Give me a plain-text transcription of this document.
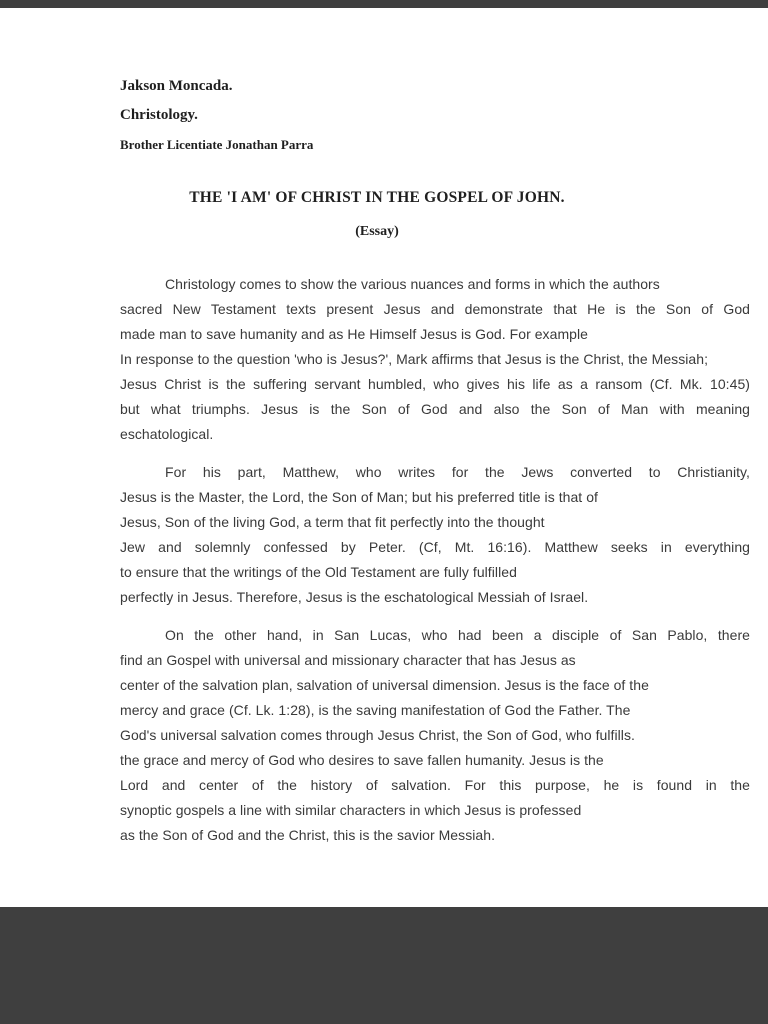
Jakson Moncada.
Christology.
Brother Licentiate Jonathan Parra
THE 'I AM' OF CHRIST IN THE GOSPEL OF JOHN.
(Essay)
Christology comes to show the various nuances and forms in which the authors
sacred New Testament texts present Jesus and demonstrate that He is the Son of God
made man to save humanity and as He Himself Jesus is God. For example
In response to the question 'who is Jesus?', Mark affirms that Jesus is the Christ, the Messiah;
Jesus Christ is the suffering servant humbled, who gives his life as a ransom (Cf. Mk. 10:45)
but what triumphs. Jesus is the Son of God and also the Son of Man with meaning
eschatological.
For his part, Matthew, who writes for the Jews converted to Christianity,
Jesus is the Master, the Lord, the Son of Man; but his preferred title is that of
Jesus, Son of the living God, a term that fit perfectly into the thought
Jew and solemnly confessed by Peter. (Cf, Mt. 16:16). Matthew seeks in everything
to ensure that the writings of the Old Testament are fully fulfilled
perfectly in Jesus. Therefore, Jesus is the eschatological Messiah of Israel.
On the other hand, in San Lucas, who had been a disciple of San Pablo, there
find an Gospel with universal and missionary character that has Jesus as
center of the salvation plan, salvation of universal dimension. Jesus is the face of the
mercy and grace (Cf. Lk. 1:28), is the saving manifestation of God the Father. The
God's universal salvation comes through Jesus Christ, the Son of God, who fulfills.
the grace and mercy of God who desires to save fallen humanity. Jesus is the
Lord and center of the history of salvation. For this purpose, he is found in the
synoptic gospels a line with similar characters in which Jesus is professed
as the Son of God and the Christ, this is the savior Messiah.
